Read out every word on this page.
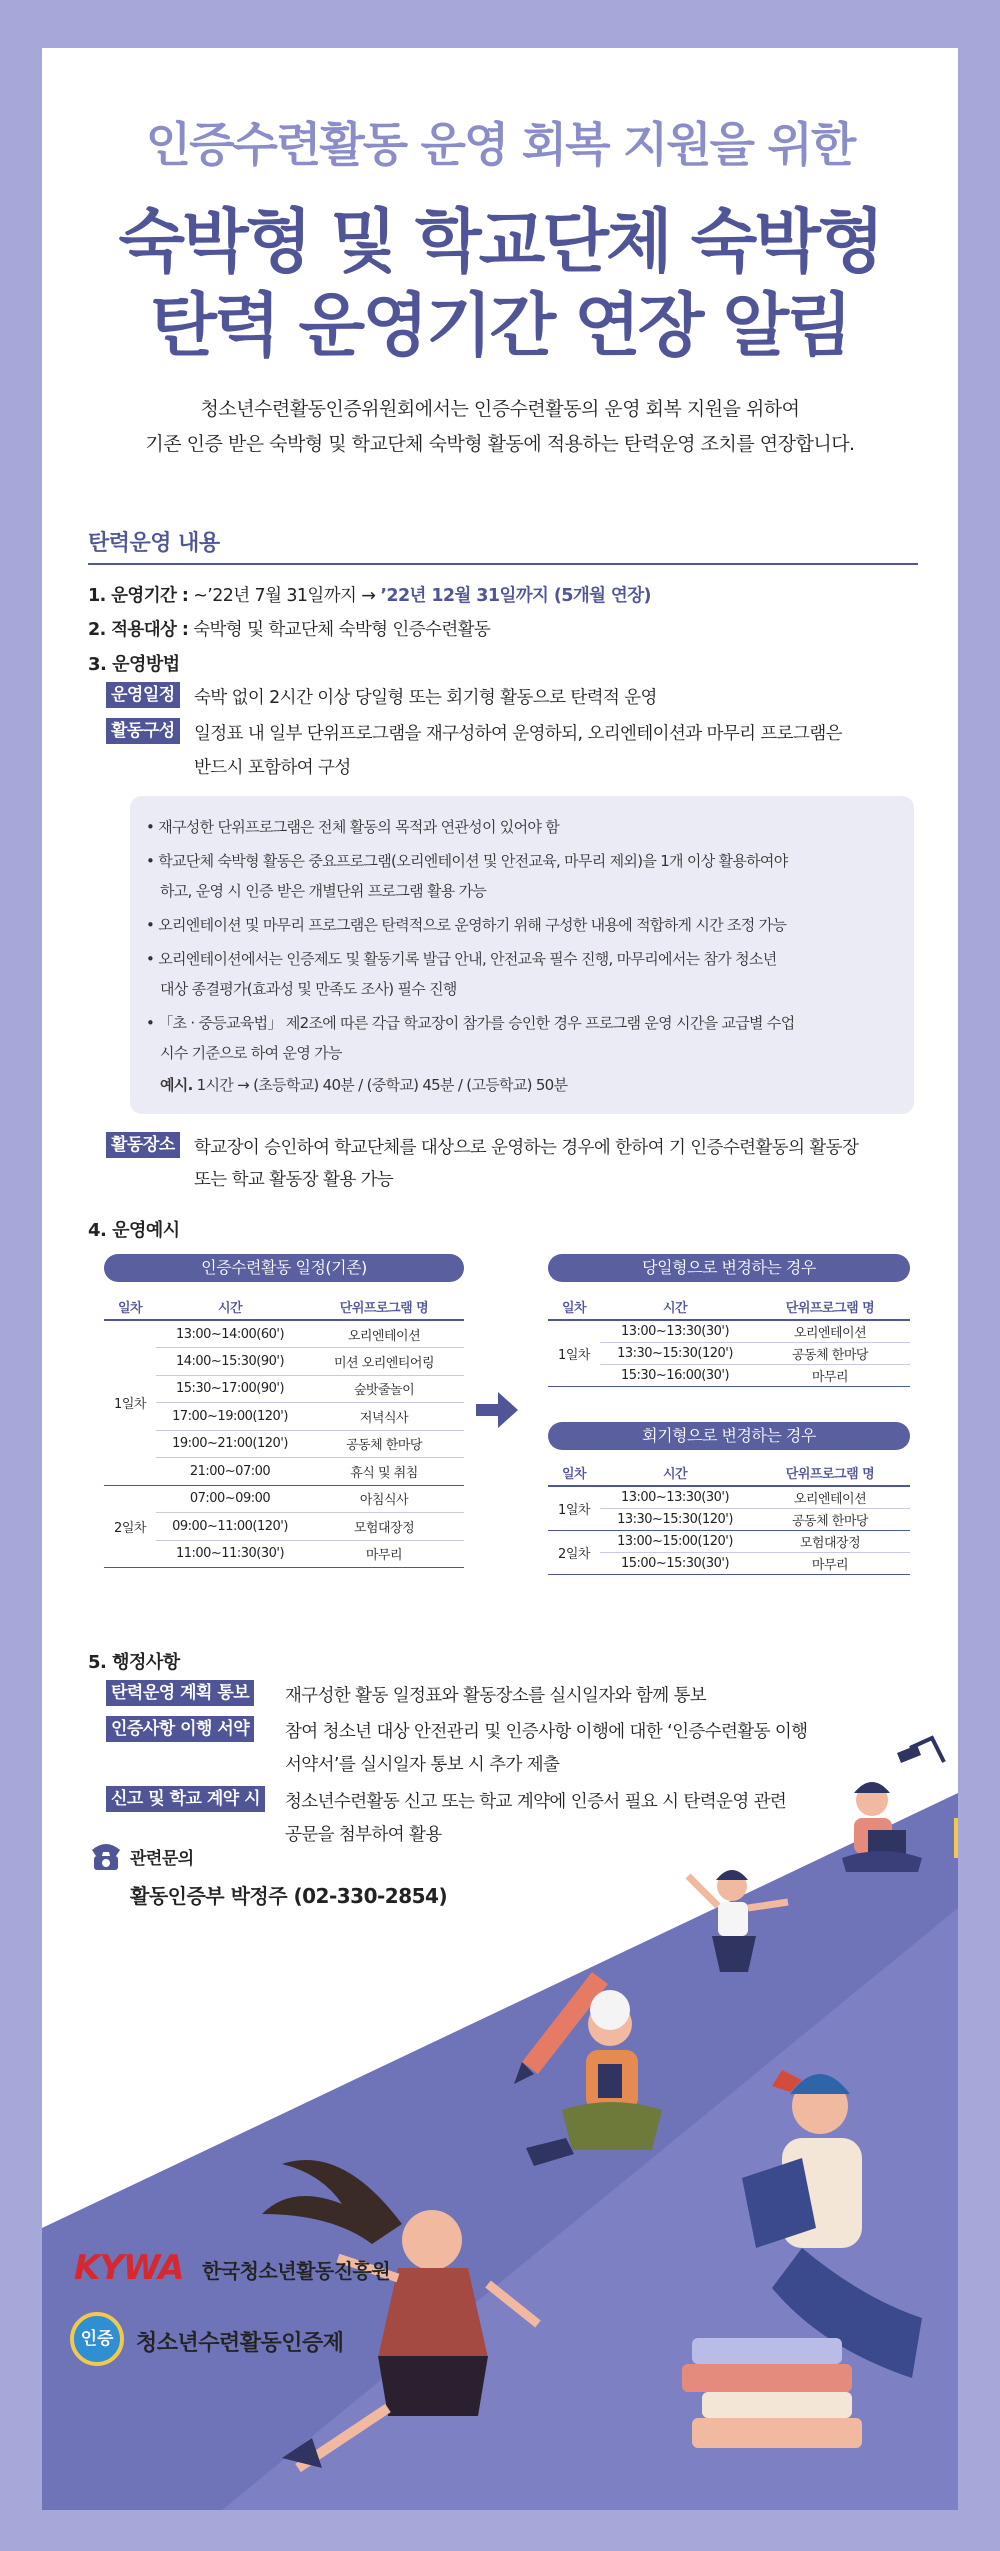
인증수련활동 운영 회복 지원을 위한
숙박형 및 학교단체 숙박형
탄력 운영기간 연장 알림
청소년수련활동인증위원회에서는 인증수련활동의 운영 회복 지원을 위하여
기존 인증 받은 숙박형 및 학교단체 숙박형 활동에 적용하는 탄력운영 조치를 연장합니다.
탄력운영 내용
1. 운영기간 : ~’22년 7월 31일까지 → ’22년 12월 31일까지 (5개월 연장)
2. 적용대상 : 숙박형 및 학교단체 숙박형 인증수련활동
3. 운영방법
운영일정 숙박 없이 2시간 이상 당일형 또는 회기형 활동으로 탄력적 운영
활동구성 일정표 내 일부 단위프로그램을 재구성하여 운영하되, 오리엔테이션과 마무리 프로그램은
반드시 포함하여 구성
• 재구성한 단위프로그램은 전체 활동의 목적과 연관성이 있어야 함
• 학교단체 숙박형 활동은 중요프로그램(오리엔테이션 및 안전교육, 마무리 제외)을 1개 이상 활용하여야
하고, 운영 시 인증 받은 개별단위 프로그램 활용 가능
• 오리엔테이션 및 마무리 프로그램은 탄력적으로 운영하기 위해 구성한 내용에 적합하게 시간 조정 가능
• 오리엔테이션에서는 인증제도 및 활동기록 발급 안내, 안전교육 필수 진행, 마무리에서는 참가 청소년
대상 종결평가(효과성 및 만족도 조사) 필수 진행
• 「초 · 중등교육법」 제2조에 따른 각급 학교장이 참가를 승인한 경우 프로그램 운영 시간을 교급별 수업
시수 기준으로 하여 운영 가능
예시. 1시간 → (초등학교) 40분 / (중학교) 45분 / (고등학교) 50분
활동장소 학교장이 승인하여 학교단체를 대상으로 운영하는 경우에 한하여 기 인증수련활동의 활동장
또는 학교 활동장 활용 가능
4. 운영예시
인증수련활동 일정(기존)
일차	시간	단위프로그램 명
1일차	13:00~14:00(60')	오리엔테이션
	14:00~15:30(90')	미션 오리엔티어링
	15:30~17:00(90')	숲밧줄놀이
	17:00~19:00(120')	저녁식사
	19:00~21:00(120')	공동체 한마당
	21:00~07:00	휴식 및 취침
2일차	07:00~09:00	아침식사
	09:00~11:00(120')	모험대장정
	11:00~11:30(30')	마무리
당일형으로 변경하는 경우
일차	시간	단위프로그램 명
1일차	13:00~13:30(30')	오리엔테이션
	13:30~15:30(120')	공동체 한마당
	15:30~16:00(30')	마무리
회기형으로 변경하는 경우
일차	시간	단위프로그램 명
1일차	13:00~13:30(30')	오리엔테이션
	13:30~15:30(120')	공동체 한마당
2일차	13:00~15:00(120')	모험대장정
	15:00~15:30(30')	마무리
5. 행정사항
탄력운영 계획 통보 재구성한 활동 일정표와 활동장소를 실시일자와 함께 통보
인증사항 이행 서약 참여 청소년 대상 안전관리 및 인증사항 이행에 대한 ‘인증수련활동 이행
서약서’를 실시일자 통보 시 추가 제출
신고 및 학교 계약 시 청소년수련활동 신고 또는 학교 계약에 인증서 필요 시 탄력운영 관련
공문을 첨부하여 활용
관련문의
활동인증부 박정주 (02-330-2854)
KYWA 한국청소년활동진흥원
인증	청소년수련활동인증제
